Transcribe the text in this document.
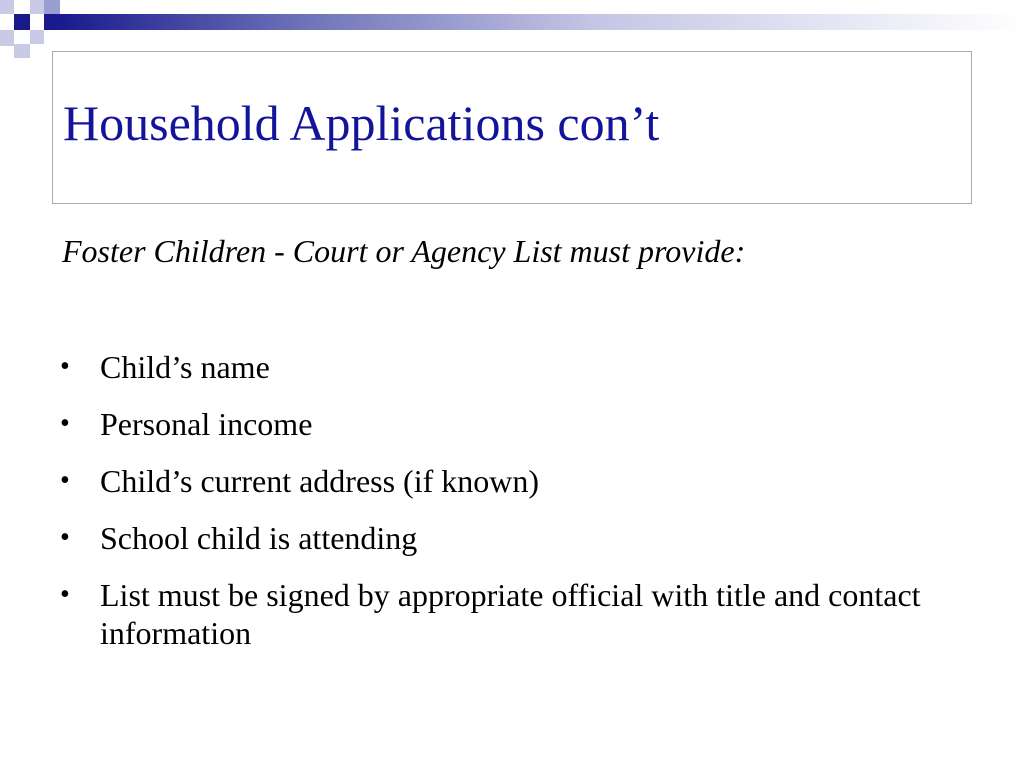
Household Applications con’t
Foster Children - Court or Agency List must provide:
• Child’s name
• Personal income
• Child’s current address (if known)
• School child is attending
• List must be signed by appropriate official with title and contact information
